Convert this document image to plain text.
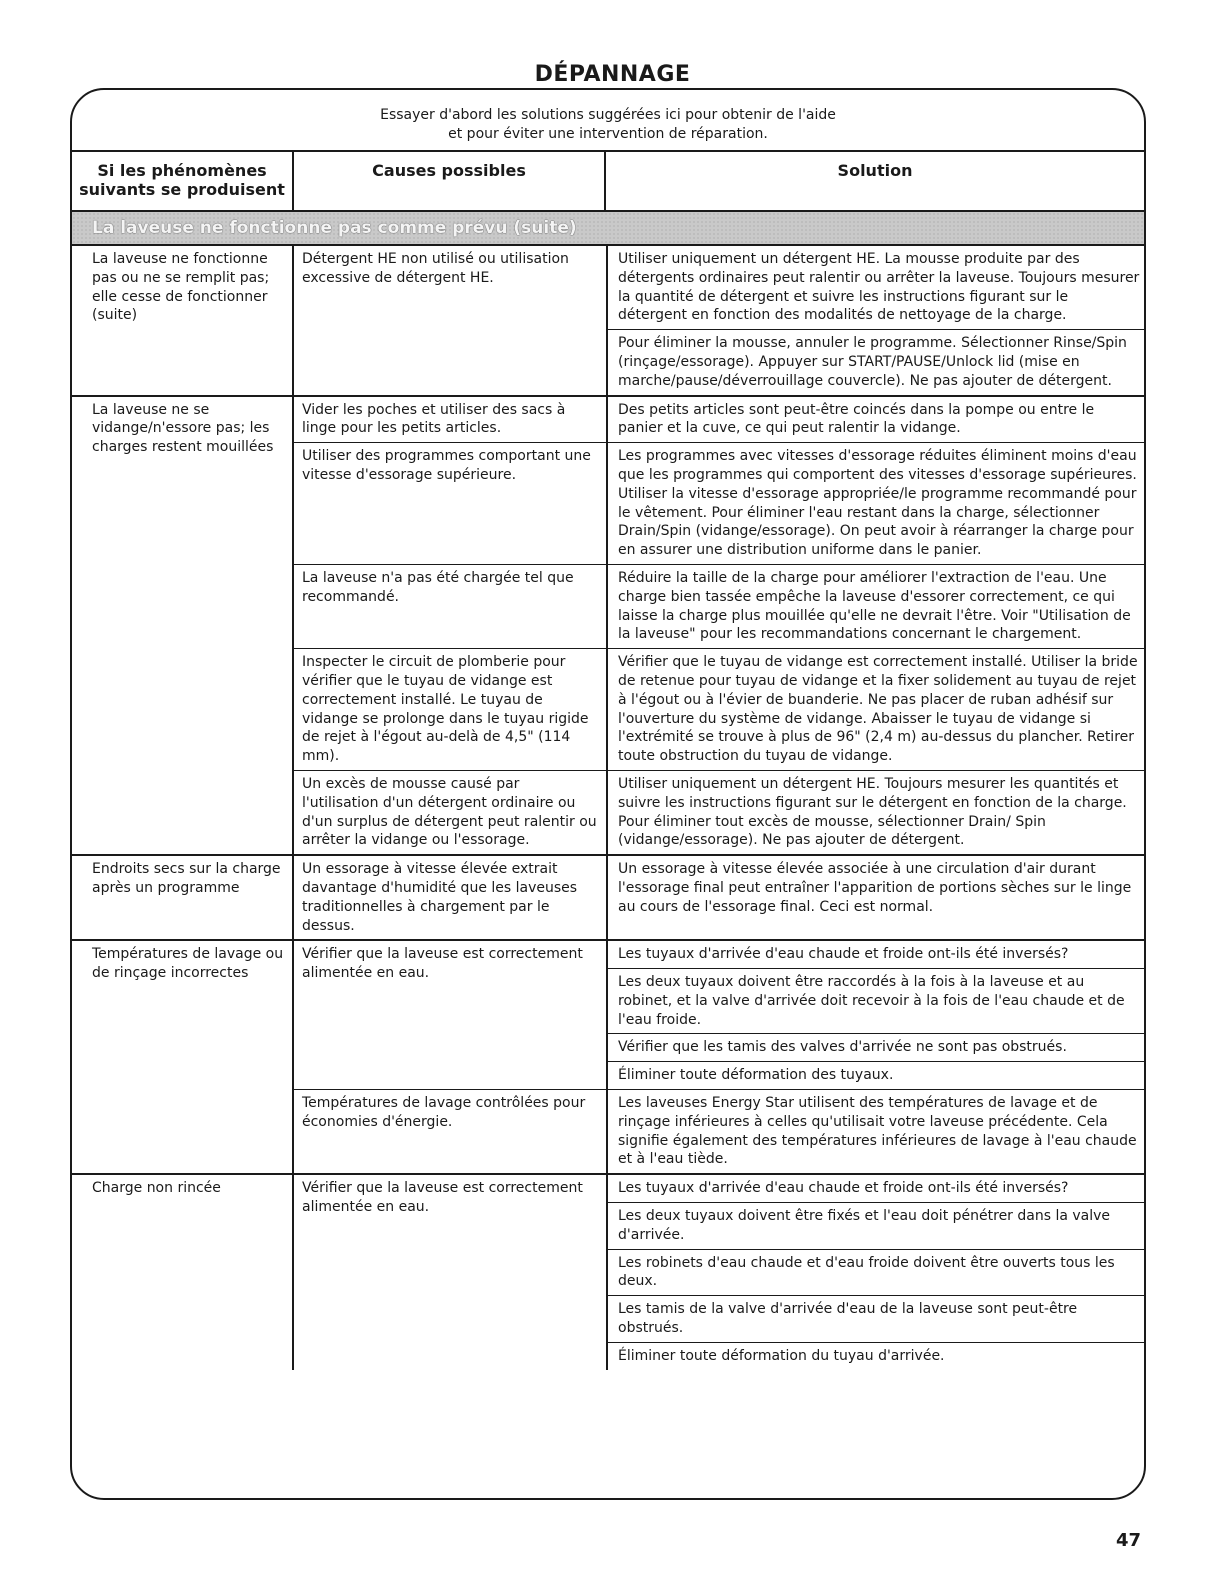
DÉPANNAGE
Essayer d'abord les solutions suggérées ici pour obtenir de l'aide
et pour éviter une intervention de réparation.
Si les phénomènes
suivants se produisent
Causes possibles	Solution
La laveuse ne fonctionne pas comme prévu (suite)
La laveuse ne fonctionne pas ou ne se remplit pas; elle cesse de fonctionner (suite)
Détergent HE non utilisé ou utilisation excessive de détergent HE.
Utiliser uniquement un détergent HE. La mousse produite par des détergents ordinaires peut ralentir ou arrêter la laveuse. Toujours mesurer la quantité de détergent et suivre les instructions figurant sur le détergent en fonction des modalités de nettoyage de la charge.
Pour éliminer la mousse, annuler le programme. Sélectionner Rinse/Spin (rinçage/essorage). Appuyer sur START/PAUSE/Unlock lid (mise en marche/pause/déverrouillage couvercle). Ne pas ajouter de détergent.
La laveuse ne se vidange/n'essore pas; les charges restent mouillées
Vider les poches et utiliser des sacs à linge pour les petits articles.
Des petits articles sont peut-être coincés dans la pompe ou entre le panier et la cuve, ce qui peut ralentir la vidange.
Utiliser des programmes comportant une vitesse d'essorage supérieure.
Les programmes avec vitesses d'essorage réduites éliminent moins d'eau que les programmes qui comportent des vitesses d'essorage supérieures. Utiliser la vitesse d'essorage appropriée/le programme recommandé pour le vêtement. Pour éliminer l'eau restant dans la charge, sélectionner Drain/Spin (vidange/essorage). On peut avoir à réarranger la charge pour en assurer une distribution uniforme dans le panier.
La laveuse n'a pas été chargée tel que recommandé.
Réduire la taille de la charge pour améliorer l'extraction de l'eau. Une charge bien tassée empêche la laveuse d'essorer correctement, ce qui laisse la charge plus mouillée qu'elle ne devrait l'être. Voir "Utilisation de la laveuse" pour les recommandations concernant le chargement.
Inspecter le circuit de plomberie pour vérifier que le tuyau de vidange est correctement installé. Le tuyau de vidange se prolonge dans le tuyau rigide de rejet à l'égout au-delà de 4,5" (114 mm).
Vérifier que le tuyau de vidange est correctement installé. Utiliser la bride de retenue pour tuyau de vidange et la fixer solidement au tuyau de rejet à l'égout ou à l'évier de buanderie. Ne pas placer de ruban adhésif sur l'ouverture du système de vidange. Abaisser le tuyau de vidange si l'extrémité se trouve à plus de 96" (2,4 m) au-dessus du plancher. Retirer toute obstruction du tuyau de vidange.
Un excès de mousse causé par l'utilisation d'un détergent ordinaire ou d'un surplus de détergent peut ralentir ou arrêter la vidange ou l'essorage.
Utiliser uniquement un détergent HE. Toujours mesurer les quantités et suivre les instructions figurant sur le détergent en fonction de la charge. Pour éliminer tout excès de mousse, sélectionner Drain/ Spin (vidange/essorage). Ne pas ajouter de détergent.
Endroits secs sur la charge après un programme
Un essorage à vitesse élevée extrait davantage d'humidité que les laveuses traditionnelles à chargement par le dessus.
Un essorage à vitesse élevée associée à une circulation d'air durant l'essorage final peut entraîner l'apparition de portions sèches sur le linge au cours de l'essorage final. Ceci est normal.
Températures de lavage ou de rinçage incorrectes
Vérifier que la laveuse est correctement alimentée en eau.
Les tuyaux d'arrivée d'eau chaude et froide ont-ils été inversés?
Les deux tuyaux doivent être raccordés à la fois à la laveuse et au robinet, et la valve d'arrivée doit recevoir à la fois de l'eau chaude et de l'eau froide.
Vérifier que les tamis des valves d'arrivée ne sont pas obstrués.
Éliminer toute déformation des tuyaux.
Températures de lavage contrôlées pour économies d'énergie.
Les laveuses Energy Star utilisent des températures de lavage et de rinçage inférieures à celles qu'utilisait votre laveuse précédente. Cela signifie également des températures inférieures de lavage à l'eau chaude et à l'eau tiède.
Charge non rincée	Vérifier que la laveuse est correctement alimentée en eau.
Les tuyaux d'arrivée d'eau chaude et froide ont-ils été inversés?
Les deux tuyaux doivent être fixés et l'eau doit pénétrer dans la valve d'arrivée.
Les robinets d'eau chaude et d'eau froide doivent être ouverts tous les deux.
Les tamis de la valve d'arrivée d'eau de la laveuse sont peut-être obstrués.
Éliminer toute déformation du tuyau d'arrivée.
47
